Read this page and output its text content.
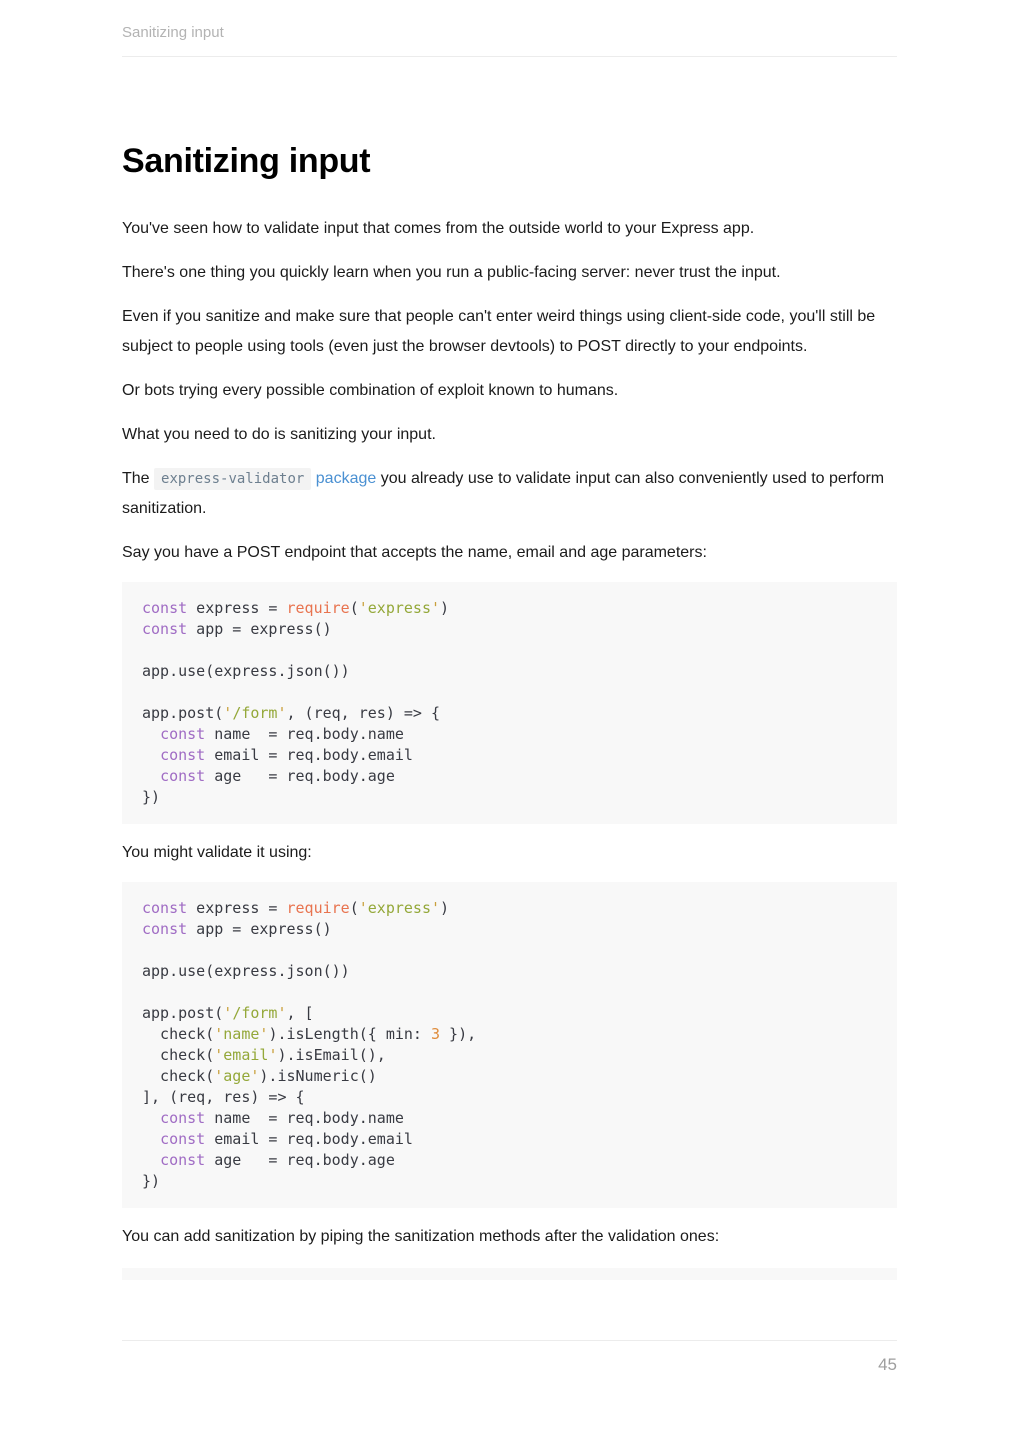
Sanitizing input
Sanitizing input

You've seen how to validate input that comes from the outside world to your Express app.

There's one thing you quickly learn when you run a public-facing server: never trust the input.

Even if you sanitize and make sure that people can't enter weird things using client-side code, you'll still be subject to people using tools (even just the browser devtools) to POST directly to your endpoints.

Or bots trying every possible combination of exploit known to humans.

What you need to do is sanitizing your input.

The express-validator package you already use to validate input can also conveniently used to perform sanitization.

Say you have a POST endpoint that accepts the name, email and age parameters:

const express = require('express')
const app = express()

app.use(express.json())

app.post('/form', (req, res) => {
const name  = req.body.name
const email = req.body.email
const age   = req.body.age
})

You might validate it using:

const express = require('express')
const app = express()

app.use(express.json())

app.post('/form', [
check('name').isLength({ min: 3 }),
check('email').isEmail(),
check('age').isNumeric()
], (req, res) => {
const name  = req.body.name
const email = req.body.email
const age   = req.body.age
})

You can add sanitization by piping the sanitization methods after the validation ones:

45
